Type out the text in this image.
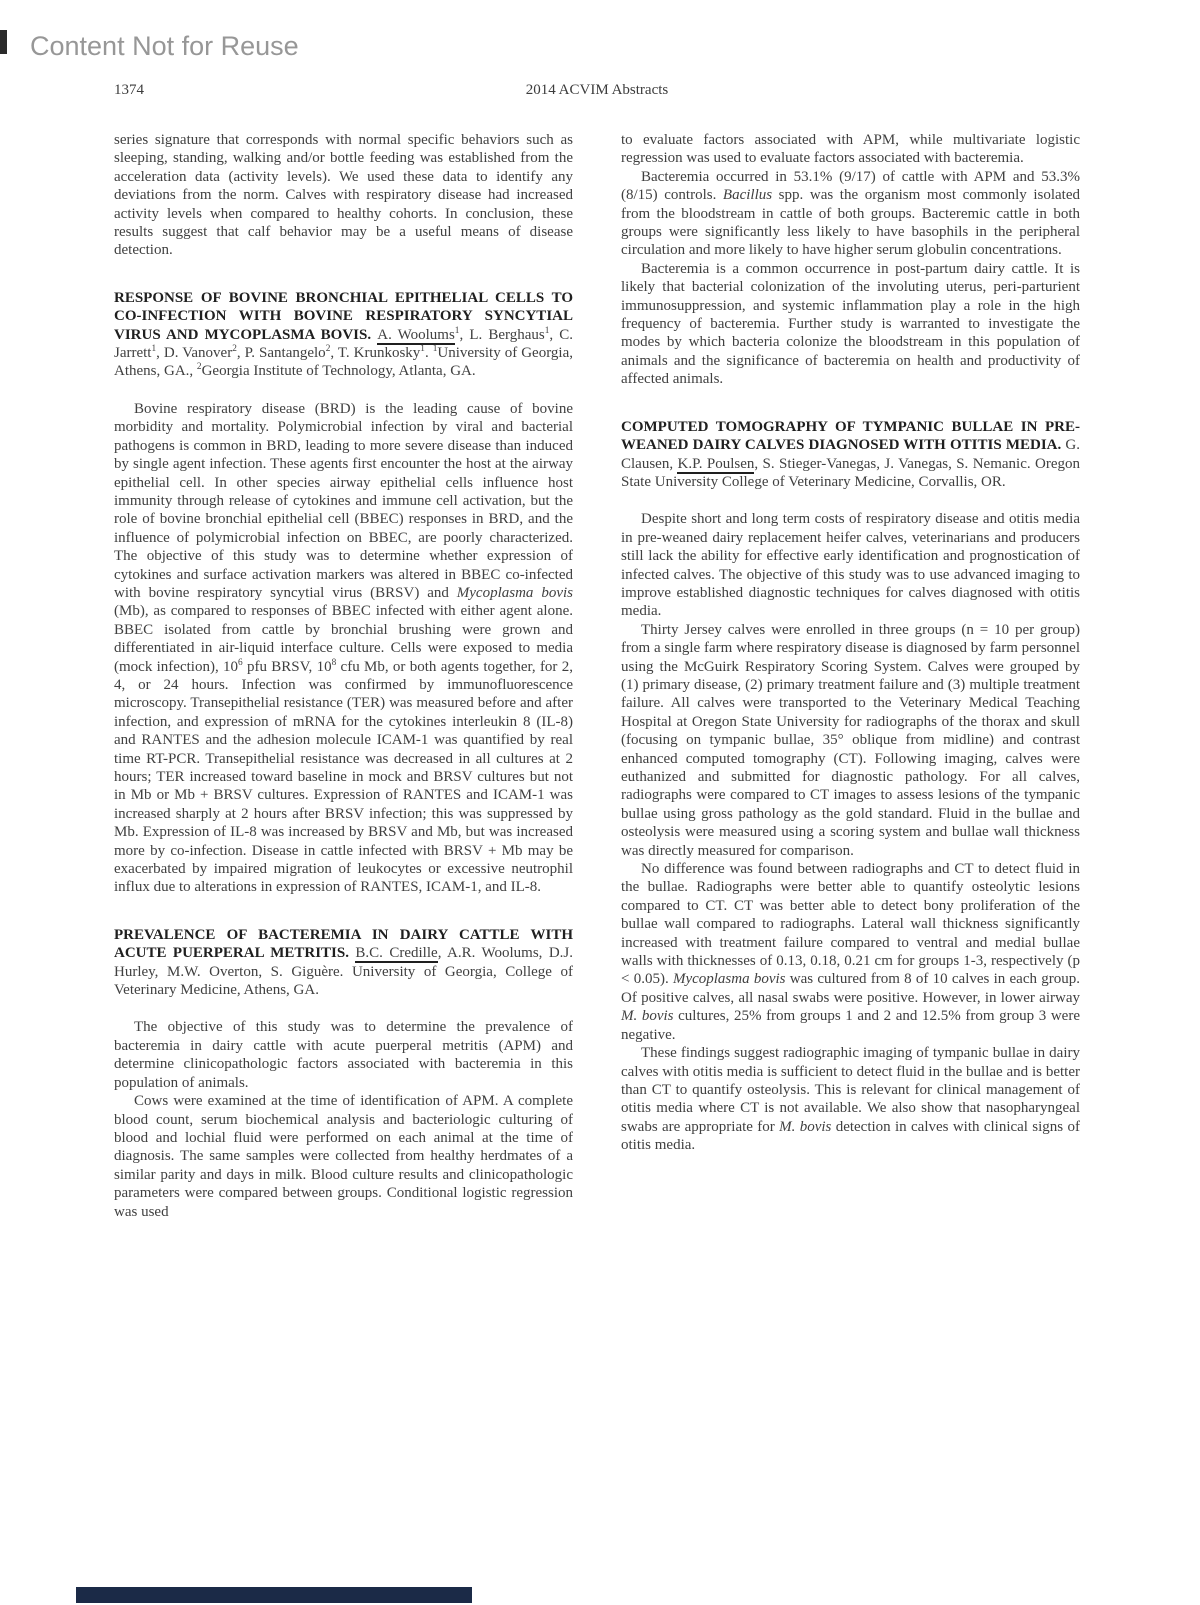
Content Not for Reuse
1374	2014 ACVIM Abstracts

series signature that corresponds with normal specific behaviors such as sleeping, standing, walking and/or bottle feeding was established from the acceleration data (activity levels). We used these data to identify any deviations from the norm. Calves with respiratory disease had increased activity levels when compared to healthy cohorts. In conclusion, these results suggest that calf behavior may be a useful means of disease detection.

RESPONSE OF BOVINE BRONCHIAL EPITHELIAL CELLS TO CO-INFECTION WITH BOVINE RESPIRATORY SYNCYTIAL VIRUS AND MYCOPLASMA BOVIS. A. Woolums$^1$, L. Berghaus$^1$, C. Jarrett$^1$, D. Vanover$^2$, P. Santangelo$^2$, T. Krunkosky$^1$. $^1$University of Georgia, Athens, GA., $^2$Georgia Institute of Technology, Atlanta, GA.

Bovine respiratory disease (BRD) is the leading cause of bovine morbidity and mortality. Polymicrobial infection by viral and bacterial pathogens is common in BRD, leading to more severe disease than induced by single agent infection. These agents first encounter the host at the airway epithelial cell. In other species airway epithelial cells influence host immunity through release of cytokines and immune cell activation, but the role of bovine bronchial epithelial cell (BBEC) responses in BRD, and the influence of polymicrobial infection on BBEC, are poorly characterized. The objective of this study was to determine whether expression of cytokines and surface activation markers was altered in BBEC co-infected with bovine respiratory syncytial virus (BRSV) and Mycoplasma bovis (Mb), as compared to responses of BBEC infected with either agent alone. BBEC isolated from cattle by bronchial brushing were grown and differentiated in air-liquid interface culture. Cells were exposed to media (mock infection), $10^6$ pfu BRSV, $10^8$ cfu Mb, or both agents together, for 2, 4, or 24 hours. Infection was confirmed by immunofluorescence microscopy. Transepithelial resistance (TER) was measured before and after infection, and expression of mRNA for the cytokines interleukin 8 (IL-8) and RANTES and the adhesion molecule ICAM-1 was quantified by real time RT-PCR. Transepithelial resistance was decreased in all cultures at 2 hours; TER increased toward baseline in mock and BRSV cultures but not in Mb or Mb + BRSV cultures. Expression of RANTES and ICAM-1 was increased sharply at 2 hours after BRSV infection; this was suppressed by Mb. Expression of IL-8 was increased by BRSV and Mb, but was increased more by co-infection. Disease in cattle infected with BRSV + Mb may be exacerbated by impaired migration of leukocytes or excessive neutrophil influx due to alterations in expression of RANTES, ICAM-1, and IL-8.

PREVALENCE OF BACTEREMIA IN DAIRY CATTLE WITH ACUTE PUERPERAL METRITIS. B.C. Credille, A.R. Woolums, D.J. Hurley, M.W. Overton, S. Giguère. University of Georgia, College of Veterinary Medicine, Athens, GA.

The objective of this study was to determine the prevalence of bacteremia in dairy cattle with acute puerperal metritis (APM) and determine clinicopathologic factors associated with bacteremia in this population of animals.

Cows were examined at the time of identification of APM. A complete blood count, serum biochemical analysis and bacteriologic culturing of blood and lochial fluid were performed on each animal at the time of diagnosis. The same samples were collected from healthy herdmates of a similar parity and days in milk. Blood culture results and clinicopathologic parameters were compared between groups. Conditional logistic regression was used

to evaluate factors associated with APM, while multivariate logistic regression was used to evaluate factors associated with bacteremia.

Bacteremia occurred in 53.1% (9/17) of cattle with APM and 53.3% (8/15) controls. Bacillus spp. was the organism most commonly isolated from the bloodstream in cattle of both groups. Bacteremic cattle in both groups were significantly less likely to have basophils in the peripheral circulation and more likely to have higher serum globulin concentrations.

Bacteremia is a common occurrence in post-partum dairy cattle. It is likely that bacterial colonization of the involuting uterus, peri-parturient immunosuppression, and systemic inflammation play a role in the high frequency of bacteremia. Further study is warranted to investigate the modes by which bacteria colonize the bloodstream in this population of animals and the significance of bacteremia on health and productivity of affected animals.

COMPUTED TOMOGRAPHY OF TYMPANIC BULLAE IN PRE-WEANED DAIRY CALVES DIAGNOSED WITH OTITIS MEDIA. G. Clausen, K.P. Poulsen, S. Stieger-Vanegas, J. Vanegas, S. Nemanic. Oregon State University College of Veterinary Medicine, Corvallis, OR.

Despite short and long term costs of respiratory disease and otitis media in pre-weaned dairy replacement heifer calves, veterinarians and producers still lack the ability for effective early identification and prognostication of infected calves. The objective of this study was to use advanced imaging to improve established diagnostic techniques for calves diagnosed with otitis media.

Thirty Jersey calves were enrolled in three groups (n = 10 per group) from a single farm where respiratory disease is diagnosed by farm personnel using the McGuirk Respiratory Scoring System. Calves were grouped by (1) primary disease, (2) primary treatment failure and (3) multiple treatment failure. All calves were transported to the Veterinary Medical Teaching Hospital at Oregon State University for radiographs of the thorax and skull (focusing on tympanic bullae, 35° oblique from midline) and contrast enhanced computed tomography (CT). Following imaging, calves were euthanized and submitted for diagnostic pathology. For all calves, radiographs were compared to CT images to assess lesions of the tympanic bullae using gross pathology as the gold standard. Fluid in the bullae and osteolysis were measured using a scoring system and bullae wall thickness was directly measured for comparison.

No difference was found between radiographs and CT to detect fluid in the bullae. Radiographs were better able to quantify osteolytic lesions compared to CT. CT was better able to detect bony proliferation of the bullae wall compared to radiographs. Lateral wall thickness significantly increased with treatment failure compared to ventral and medial bullae walls with thicknesses of 0.13, 0.18, 0.21 cm for groups 1-3, respectively (p < 0.05). Mycoplasma bovis was cultured from 8 of 10 calves in each group. Of positive calves, all nasal swabs were positive. However, in lower airway M. bovis cultures, 25% from groups 1 and 2 and 12.5% from group 3 were negative.

These findings suggest radiographic imaging of tympanic bullae in dairy calves with otitis media is sufficient to detect fluid in the bullae and is better than CT to quantify osteolysis. This is relevant for clinical management of otitis media where CT is not available. We also show that nasopharyngeal swabs are appropriate for M. bovis detection in calves with clinical signs of otitis media.
